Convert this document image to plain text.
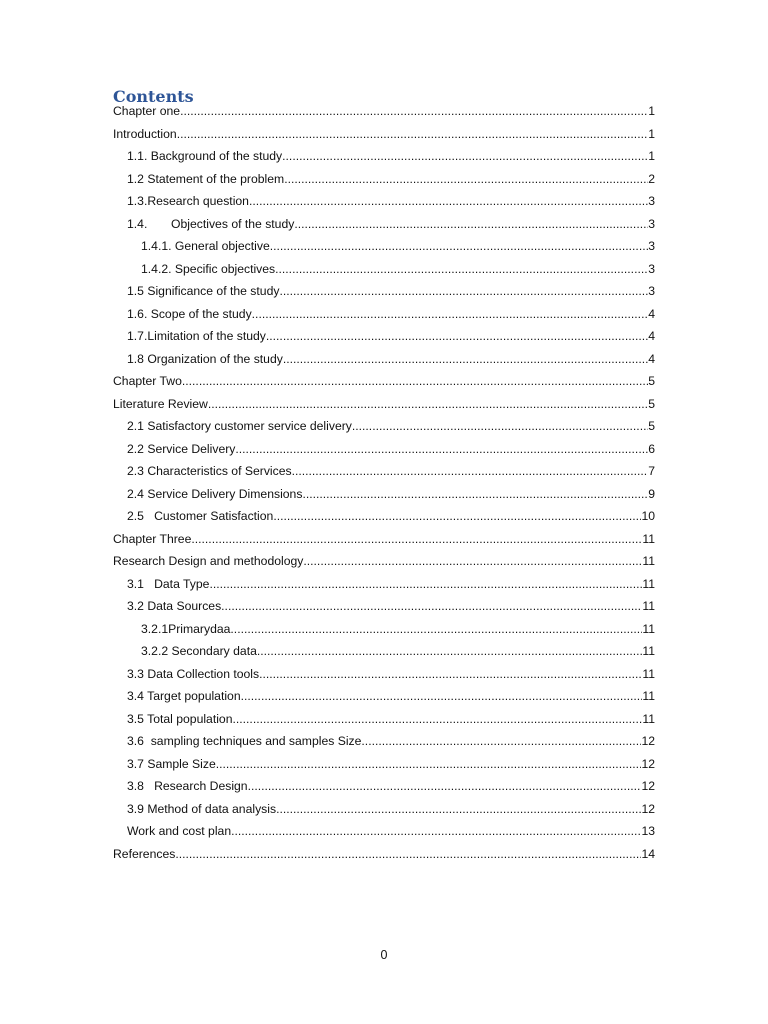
Contents
Chapter one .....	1
Introduction .....	1
1.1. Background of the study .....	1
1.2 Statement of the problem .....	2
1.3.Research question .....	3
1.4.       Objectives of the study .....	3
1.4.1. General objective .....	3
1.4.2. Specific objectives .....	3
1.5 Significance of the study .....	3
1.6. Scope of the study .....	4
1.7.Limitation of the study .....	4
1.8 Organization of the study .....	4
Chapter Two .....	5
Literature Review .....	5
2.1 Satisfactory customer service delivery .....	5
2.2 Service Delivery .....	6
2.3 Characteristics of Services .....	7
2.4 Service Delivery Dimensions .....	9
2.5   Customer Satisfaction .....	10
Chapter Three .....	11
Research Design and methodology .....	11
3.1   Data Type .....	11
3.2 Data Sources .....	11
3.2.1Primarydaa .....	11
3.2.2 Secondary data .....	11
3.3 Data Collection tools .....	11
3.4 Target population .....	11
3.5 Total population .....	11
3.6  sampling techniques and samples Size .....	12
3.7 Sample Size .....	12
3.8   Research Design .....	12
3.9 Method of data analysis .....	12
Work and cost plan .....	13
References .....	14
0
